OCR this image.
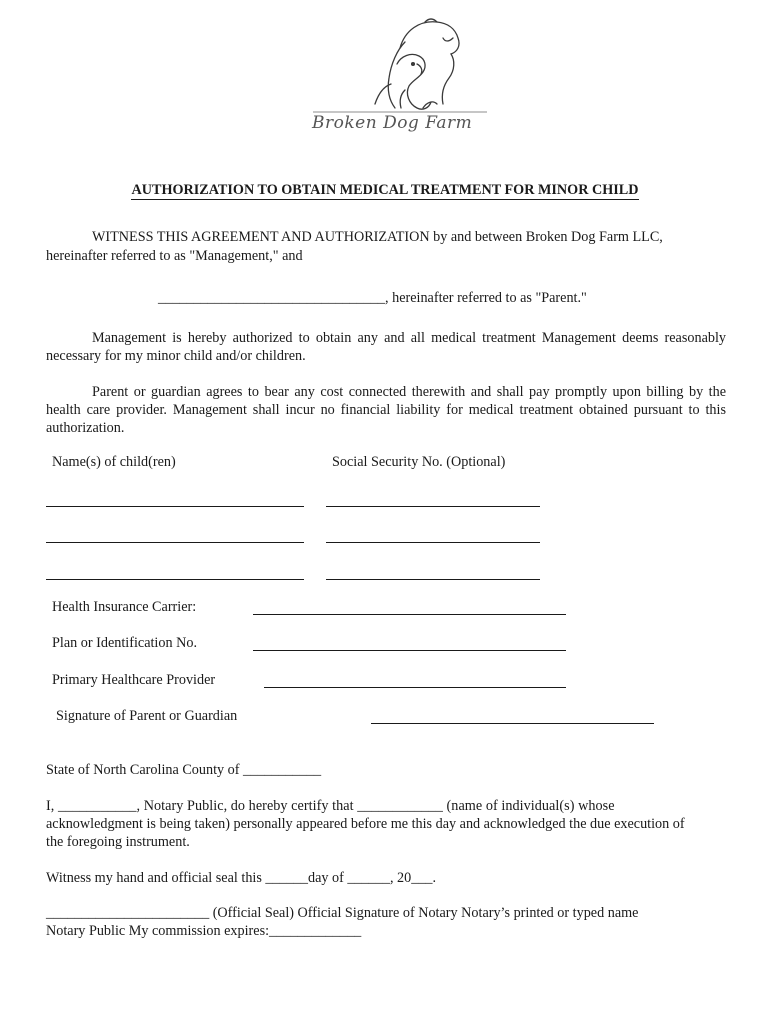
Broken Dog Farm
AUTHORIZATION TO OBTAIN MEDICAL TREATMENT FOR MINOR CHILD
WITNESS THIS AGREEMENT AND AUTHORIZATION by and between Broken Dog Farm LLC,
hereinafter referred to as "Management," and
________________________________, hereinafter referred to as "Parent."
Management is hereby authorized to obtain any and all medical treatment Management deems reasonably necessary for my minor child and/or children.
Parent or guardian agrees to bear any cost connected therewith and shall pay promptly upon billing by the health care provider. Management shall incur no financial liability for medical treatment obtained pursuant to this authorization.
Name(s) of child(ren)	Social Security No. (Optional)
Health Insurance Carrier:
Plan or Identification No.
Primary Healthcare Provider
Signature of Parent or Guardian
State of North Carolina County of ___________
I, ___________, Notary Public, do hereby certify that ____________ (name of individual(s) whose
acknowledgment is being taken) personally appeared before me this day and acknowledged the due execution of
the foregoing instrument.
Witness my hand and official seal this ______day of ______, 20___.
_______________________ (Official Seal) Official Signature of Notary Notary’s printed or typed name
Notary Public My commission expires:_____________
